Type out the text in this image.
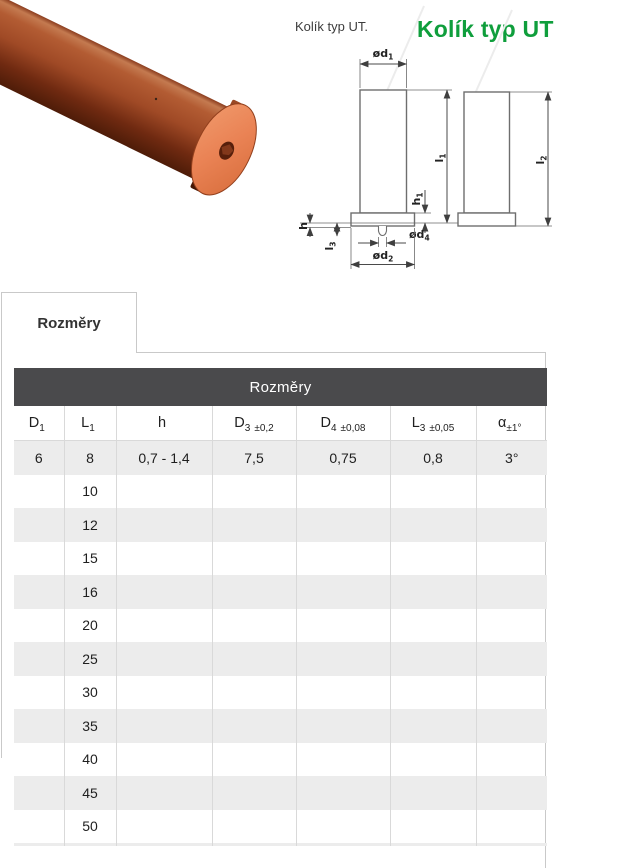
Kolík typ UT. Kolík typ UT
$ød_1$
$l_1$
$h_1$
h
$l_3$
$ød_4$
$ød_2$
$l_2$
Rozměry
Rozměry
$D_1$	$L_1$	h	$D_3$ $_{\pm 0,2}$	$D_4$ $_{\pm 0,08}$	$L_3$ $_{\pm 0,05}$	$\alpha_{\pm 1^\circ}$
6	8	0,7 - 1,4	7,5	0,75	0,8	3°
	10					
	12					
	15					
	16					
	20					
	25					
	30					
	35					
	40					
	45					
	50					
